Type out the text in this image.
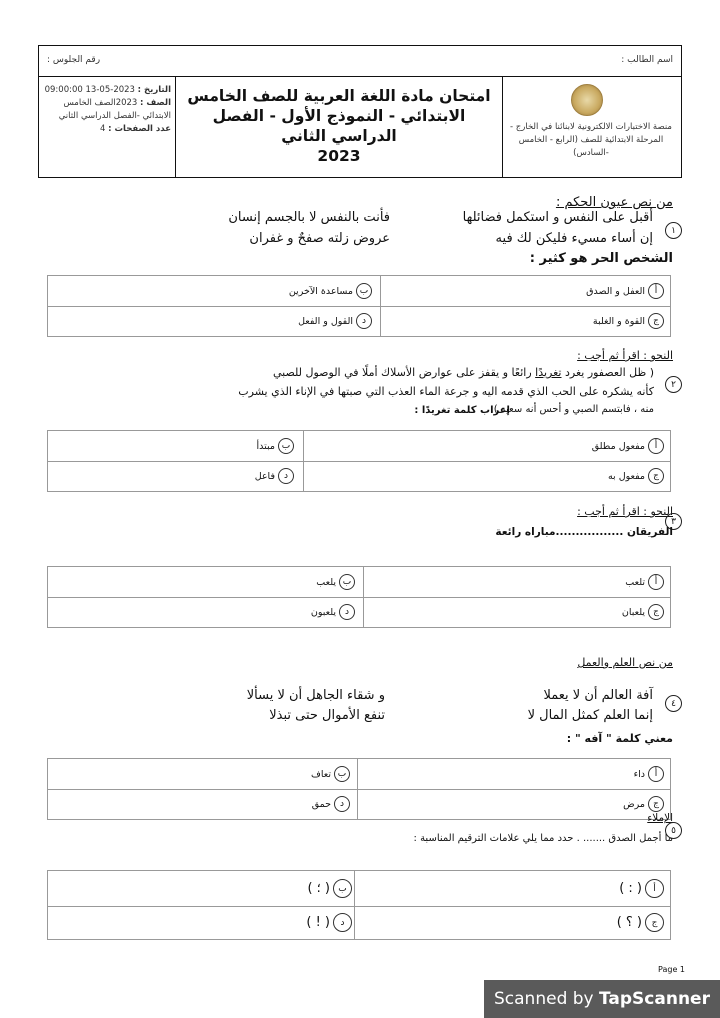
اسم الطالب :
رقم الجلوس :
منصة الاختبارات الالكترونية لابنائنا في الخارج - المرحلة الابتدائية للصف (الرابع - الخامس -السادس)
امتحان مادة اللغة العربية للصف الخامس
الابتدائي - النموذج الأول - الفصل الدراسي الثاني
2023
التاريخ : 2023-05-13 09:00:00
الصف : 2023الصف الخامس الابتدائي -الفصل الدراسي الثاني
عدد الصفحات : 4
من نص عيون الحكم :
١
أقبل على النفس و استكمل فضائلها
فأنت بالنفس لا بالجسم إنسان
إن أساء مسيء فليكن لك فيه
عروض زلته صفحٌ و غفران
الشخص الحر هو كثير :
أ
العفل و الصدق
ب
مساعدة الآخرين
ج
القوة و الغلبة
د
القول و الفعل
النحو : اقرأ ثم أجب :
٢
( ظل العصفور يغرد تغريدًا رائعًا و يقفز على عوارض الأسلاك أملًا في الوصول للصبي
كأنه يشكره على الحب الذي قدمه اليه و جرعة الماء العذب التي صبتها في الإناء الذي يشرب
منه ، فابتسم الصبي و أحس أنه سعيد ).
إعراب كلمة تغريدًا :
أ
مفعول مطلق
ب
مبتدأ
ج
مفعول به
د
فاعل
النحو : اقرأ ثم أجب :
٣
الفريقان .................مباراه رائعة
أ
تلعب
ب
يلعب
ج
يلعبان
د
يلعبون
من نص العلم والعمل
٤
آفة العالم أن لا يعملا
و شقاء الجاهل أن لا يسألا
إنما العلم كمثل المال لا
تنفع الأموال حتى تبذلا
معني كلمة " آفه " :
أ
داء
ب
تعاف
ج
مرض
د
حمق
الإملاء
٥
ما أجمل الصدق ....... . حدد مما يلي علامات الترقيم المناسبة :
أ
( : )
ب
( ؛ )
ج
( ؟ )
د
( ! )
Page 1
Scanned by TapScanner
